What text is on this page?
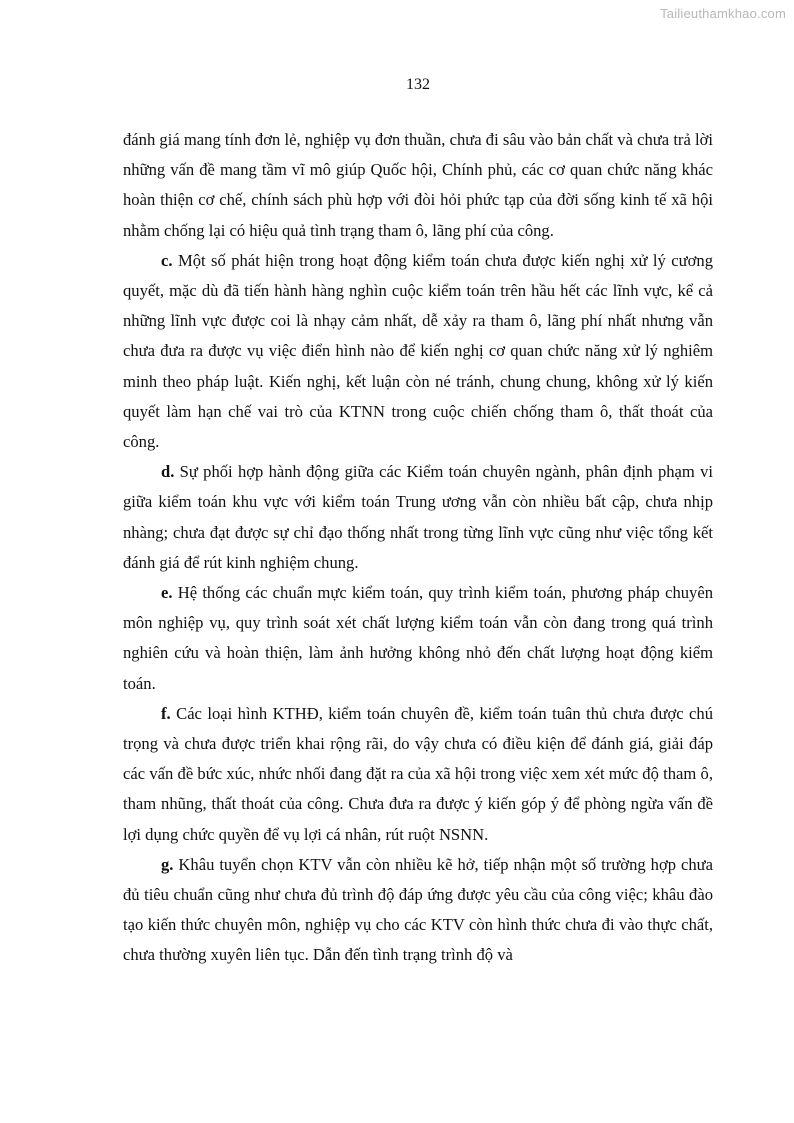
Tailieuthamkhao.com
132

đánh giá mang tính đơn lẻ, nghiệp vụ đơn thuần, chưa đi sâu vào bản chất và chưa trả lời những vấn đề mang tầm vĩ mô giúp Quốc hội, Chính phủ, các cơ quan chức năng khác hoàn thiện cơ chế, chính sách phù hợp với đòi hỏi phức tạp của đời sống kinh tế xã hội nhằm chống lại có hiệu quả tình trạng tham ô, lãng phí của công.

c. Một số phát hiện trong hoạt động kiểm toán chưa được kiến nghị xử lý cương quyết, mặc dù đã tiến hành hàng nghìn cuộc kiểm toán trên hầu hết các lĩnh vực, kể cả những lĩnh vực được coi là nhạy cảm nhất, dễ xảy ra tham ô, lãng phí nhất nhưng vẫn chưa đưa ra được vụ việc điển hình nào để kiến nghị cơ quan chức năng xử lý nghiêm minh theo pháp luật. Kiến nghị, kết luận còn né tránh, chung chung, không xử lý kiến quyết làm hạn chế vai trò của KTNN trong cuộc chiến chống tham ô, thất thoát của công.

d. Sự phối hợp hành động giữa các Kiểm toán chuyên ngành, phân định phạm vi giữa kiểm toán khu vực với kiểm toán Trung ương vẫn còn nhiều bất cập, chưa nhịp nhàng; chưa đạt được sự chỉ đạo thống nhất trong từng lĩnh vực cũng như việc tổng kết đánh giá để rút kinh nghiệm chung.

e. Hệ thống các chuẩn mực kiểm toán, quy trình kiểm toán, phương pháp chuyên môn nghiệp vụ, quy trình soát xét chất lượng kiểm toán vẫn còn đang trong quá trình nghiên cứu và hoàn thiện, làm ảnh hưởng không nhỏ đến chất lượng hoạt động kiểm toán.

f. Các loại hình KTHĐ, kiểm toán chuyên đề, kiểm toán tuân thủ chưa được chú trọng và chưa được triển khai rộng rãi, do vậy chưa có điều kiện để đánh giá, giải đáp các vấn đề bức xúc, nhức nhối đang đặt ra của xã hội trong việc xem xét mức độ tham ô, tham nhũng, thất thoát của công. Chưa đưa ra được ý kiến góp ý để phòng ngừa vấn đề lợi dụng chức quyền để vụ lợi cá nhân, rút ruột NSNN.

g. Khâu tuyển chọn KTV vẫn còn nhiều kẽ hở, tiếp nhận một số trường hợp chưa đủ tiêu chuẩn cũng như chưa đủ trình độ đáp ứng được yêu cầu của công việc; khâu đào tạo kiến thức chuyên môn, nghiệp vụ cho các KTV còn hình thức chưa đi vào thực chất, chưa thường xuyên liên tục. Dẫn đến tình trạng trình độ và
